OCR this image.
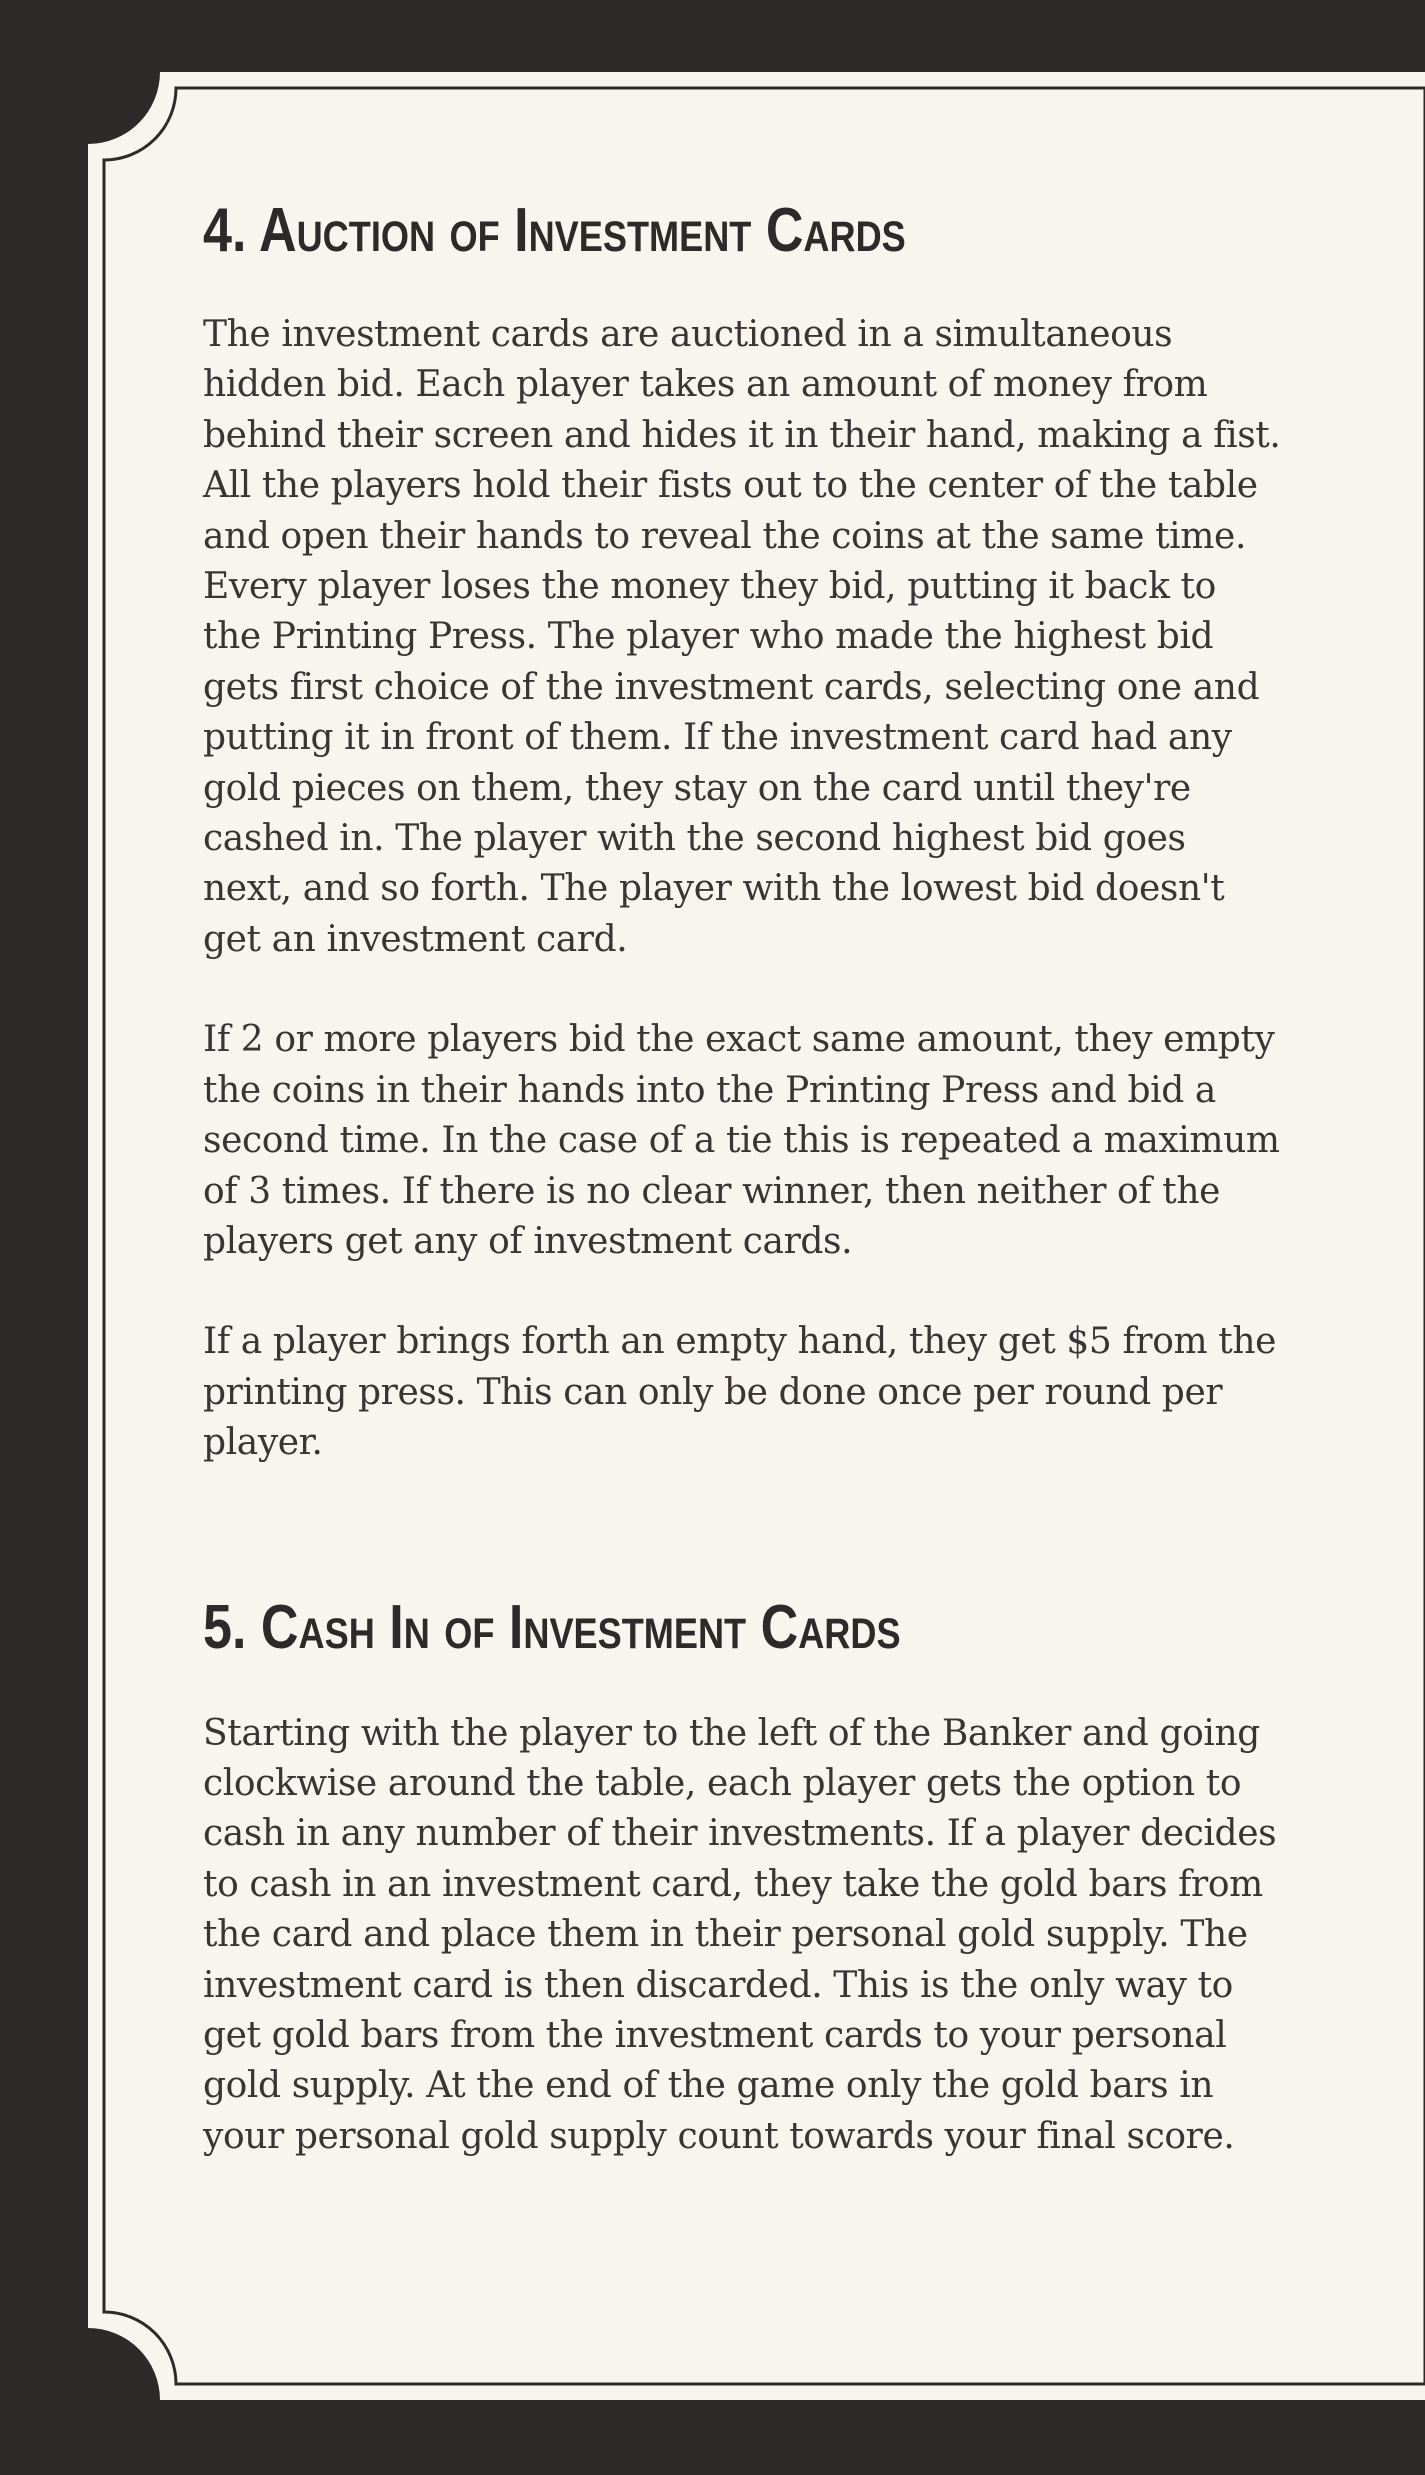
4. Auction of Investment Cards

The investment cards are auctioned in a simultaneous hidden bid. Each player takes an amount of money from behind their screen and hides it in their hand, making a fist. All the players hold their fists out to the center of the table and open their hands to reveal the coins at the same time. Every player loses the money they bid, putting it back to the Printing Press. The player who made the highest bid gets first choice of the investment cards, selecting one and putting it in front of them. If the investment card had any gold pieces on them, they stay on the card until they're cashed in. The player with the second highest bid goes next, and so forth. The player with the lowest bid doesn't get an investment card.

If 2 or more players bid the exact same amount, they empty the coins in their hands into the Printing Press and bid a second time. In the case of a tie this is repeated a maximum of 3 times. If there is no clear winner, then neither of the players get any of investment cards.

If a player brings forth an empty hand, they get $5 from the printing press. This can only be done once per round per player.

5. Cash In of Investment Cards

Starting with the player to the left of the Banker and going clockwise around the table, each player gets the option to cash in any number of their investments. If a player decides to cash in an investment card, they take the gold bars from the card and place them in their personal gold supply. The investment card is then discarded. This is the only way to get gold bars from the investment cards to your personal gold supply. At the end of the game only the gold bars in your personal gold supply count towards your final score.
